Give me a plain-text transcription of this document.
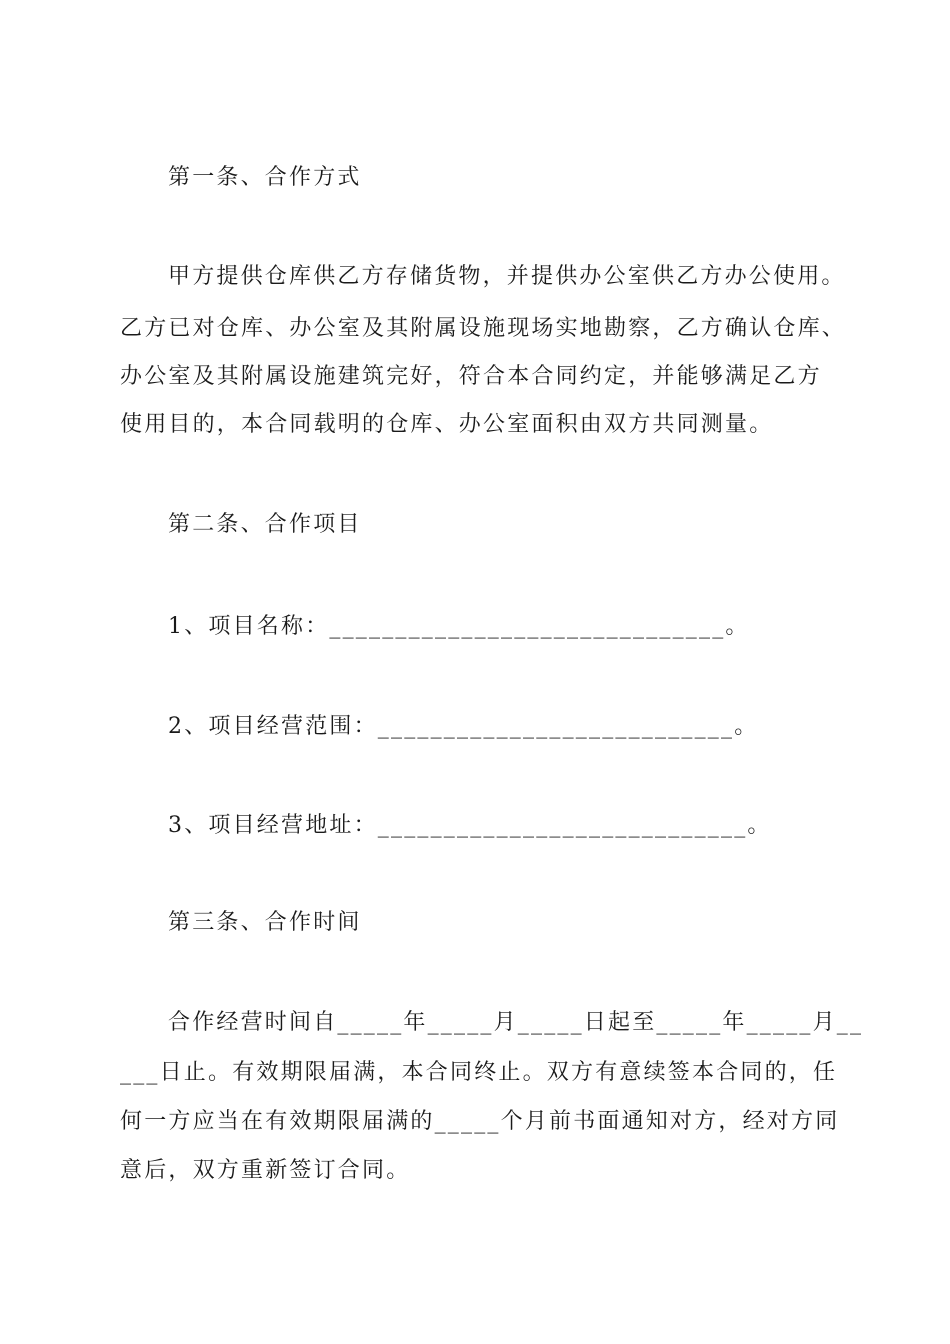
第一条、合作方式
甲方提供仓库供乙方存储货物，并提供办公室供乙方办公使用。
乙方已对仓库、办公室及其附属设施现场实地勘察，乙方确认仓库、
办公室及其附属设施建筑完好，符合本合同约定，并能够满足乙方
使用目的，本合同载明的仓库、办公室面积由双方共同测量。
第二条、合作项目
1、项目名称：______________________________。
2、项目经营范围：___________________________。
3、项目经营地址：____________________________。
第三条、合作时间
合作经营时间自_____年_____月_____日起至_____年_____月__
___日止。有效期限届满，本合同终止。双方有意续签本合同的，任
何一方应当在有效期限届满的_____个月前书面通知对方，经对方同
意后，双方重新签订合同。
